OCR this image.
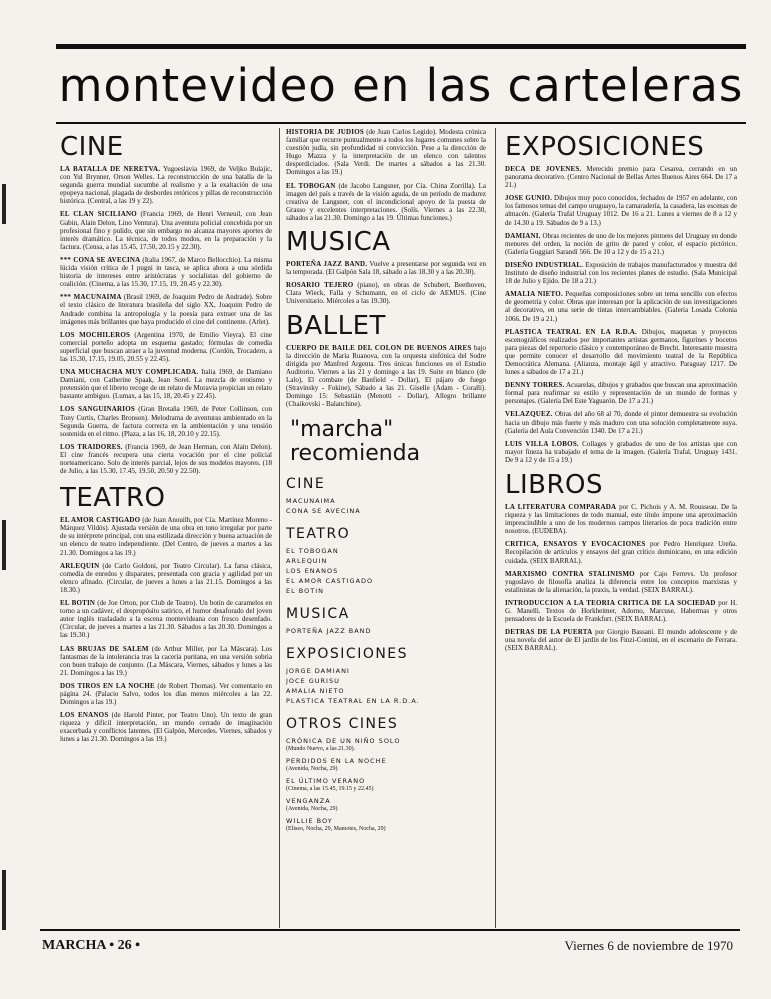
montevideo en las carteleras
CINE

LA BATALLA DE NERETVA. Yugoeslavia 1969, de Veljko Bulajic, con Yul Brynner, Orson Welles. La reconstrucción de una batalla de la segunda guerra mundial sucumbe al realismo y a la exaltación de una epopeya nacional, plagada de desbordes retóricos y pillas de reconstrucción histórica. (Central, a las 19 y 22).

EL CLAN SICILIANO (Francia 1969, de Henri Verneuil, con Jean Gabin, Alain Delon, Lino Ventura). Una aventura policial concebida por un profesional fino y pulido, que sin embargo no alcanza mayores aportes de interés dramático. La técnica, de todos modos, en la preparación y la factura. (Censa, a las 15.45, 17.50, 20.15 y 22.30).

*** CONA SE AVECINA (Italia 1967, de Marco Bellocchio). La misma lúcida visión crítica de I pugni in tasca, se aplica ahora a una sórdida historia de intereses entre aristócratas y socialistas del gobierno de coalición. (Cinema, a las 15.30, 17.15, 19, 20.45 y 22.30).

*** MACUNAIMA (Brasil 1969, de Joaquim Pedro de Andrade). Sobre el texto clásico de literatura brasileña del siglo XX, Joaquim Pedro de Andrade combina la antropología y la poesía para extraer una de las imágenes más brillantes que haya producido el cine del continente. (Arlet).

LOS MOCHILEROS (Argentina 1970, de Emilio Vieyra). El cine comercial porteño adopta un esquema gastado; fórmulas de comedia superficial que buscan atraer a la juventud moderna. (Cordón, Trocadero, a las 15.30, 17.15, 19.05, 20.55 y 22.45).

UNA MUCHACHA MUY COMPLICADA. Italia 1969, de Damiano Damiani, con Catherine Spaak, Jean Sorel. La mezcla de erotismo y pretensión que el libreto recoge de un relato de Moravia propician un relato bastante ambiguo. (Lumax, a las 15, 18, 20.45 y 22.45).

LOS SANGUINARIOS (Gran Bretaña 1969, de Peter Collinson, con Tony Curtis, Charles Bronson). Melodrama de aventuras ambientado en la Segunda Guerra, de factura correcta en la ambientación y una tensión sostenida en el ritmo. (Plaza, a las 16, 18, 20.10 y 22.15).

LOS TRAIDORES. (Francia 1969, de Jean Herman, con Alain Delon). El cine francés recupera una cierta vocación por el cine policial norteamericano. Solo de interés parcial, lejos de sus modelos mayores. (18 de Julio, a las 15.30, 17.45, 19.50, 20.50 y 22.50).

TEATRO

EL AMOR CASTIGADO (de Juan Anouilh, por Cía. Martínez Moreno - Márquez Vildós). Ajustada versión de una obra en tono irregular por parte de su intérprete principal, con una estilizada dirección y buena actuación de un elenco de teatro independiente. (Del Centro, de jueves a martes a las 21.30. Domingos a las 19.)

ARLEQUIN (de Carlo Goldoni, por Teatro Circular). La farsa clásica, comedia de enredos y disparates, presentada con gracia y agilidad por un elenco afinado. (Circular, de jueves a lunes a las 21.15. Domingos a las 18.30.)

EL BOTIN (de Joe Orton, por Club de Teatro). Un botín de caramelos en torno a un cadáver, el despropósito satírico, el humor desaforado del joven autor inglés trasladado a la escena montevideana con fresco desenfado. (Circular, de jueves a martes a las 21.30. Sábados a las 20.30. Domingos a las 19.30.)

LAS BRUJAS DE SALEM (de Arthur Miller, por La Máscara). Los fantasmas de la intolerancia tras la cacería puritana, en una versión sobria con buen trabajo de conjunto. (La Máscara, Viernes, sábados y lunes a las 21. Domingos a las 19.)

DOS TIROS EN LA NOCHE (de Robert Thomas). Ver comentario en página 24. (Palacio Salvo, todos los días menos miércoles a las 22. Domingos a las 19.)

LOS ENANOS (de Harold Pinter, por Teatro Uno). Un texto de gran riqueza y difícil interpretación, un mundo cerrado de imaginación exacerbada y conflictos latentes. (El Galpón, Mercedes. Viernes, sábados y lunes a las 21.30. Domingos a las 19.)

HISTORIA DE JUDIOS (de Juan Carlos Legido). Modesta crónica familiar que recurre puntualmente a todos los lugares comunes sobre la cuestión judía, sin profundidad ni convicción. Pese a la dirección de Hugo Mazza y la interpretación de un elenco con talentos desperdiciados. (Sala Verdi. De martes a sábados a las 21.30. Domingos a las 19.)

EL TOBOGAN (de Jacobo Langsner, por Cía. China Zorrilla). La imagen del país a través de la visión aguda, de un período de madurez creativa de Langsner, con el incondicional apoyo de la puesta de Grasso y excelentes interpretaciones. (Solís. Viernes a las 22.30, sábados a las 21.30. Domingo a las 19. Últimas funciones.)

MUSICA

PORTEÑA JAZZ BAND. Vuelve a presentarse por segunda vez en la temporada. (El Galpón Sala 18, sábado a las 18.30 y a las 20.30).

ROSARIO TEJERO (piano), en obras de Schubert, Beethoven, Clara Wieck, Falla y Schumann, en el ciclo de AEMUS. (Cine Universitario. Miércoles a las 19.30).

BALLET

CUERPO DE BAILE DEL COLON DE BUENOS AIRES bajo la dirección de María Ruanova, con la orquesta sinfónica del Sodre dirigida por Manfred Argenta. Tres únicas funciones en el Estudio Auditorio. Viernes a las 21 y domingo a las 19. Suite en blanco (de Lalo), El combate (de Banfield - Dollar), El pájaro de fuego (Stravinsky - Fokine), Sábado a las 21. Giselle (Adam - Coralli). Domingo 15: Sebastián (Menotti - Dollar), Allegro brillante (Chaikovski - Balanchine).

"marcha"
recomienda
CINE
MACUNAIMA
CONA SE AVECINA
TEATRO
EL TOBOGAN
ARLEQUIN
LOS ENANOS
EL AMOR CASTIGADO
EL BOTIN
MUSICA
PORTEÑA JAZZ BAND
EXPOSICIONES
JORGE DAMIANI
JOCE GURISU
AMALIA NIETO
PLASTICA TEATRAL EN LA R.D.A.
OTROS CINES
CRÓNICA DE UN NIÑO SOLO
(Mundo Nuevo, a las 21.30).
PERDIDOS EN LA NOCHE
(Avenida, Nocha, 29)
EL ÚLTIMO VERANO
(Cinema, a las 15.45, 19.15 y 22.45)
VENGANZA
(Avenida, Nocha, 29)
WILLIE BOY
(Eliseo, Nocha, 29, Mamotes, Nocha, 29)
EXPOSICIONES

DECA DE JOVENES. Merecido premio para Cesarea, cerrando en un panorama decorativo. (Centro Nacional de Bellas Artes Buenos Aires 664. De 17 a 21.)

JOSE GUNIO. Dibujos muy poco conocidos, fechados de 1957 en adelante, con los famosos temas del campo uruguayo, la camaradería, la casadera, las escenas de almacén. (Galería Trafal Uruguay 1012. De 16 a 21. Lunes a viernes de 8 a 12 y de 14.30 a 19. Sábados de 9 a 13.)

DAMIANI. Obras recientes de uno de los mejores pintores del Uruguay en donde menores del orden, la noción de grito de pared y color, el espacio pictórico. (Galería Guggiari Sarandí 566. De 10 a 12 y de 15 a 21.)

DISEÑO INDUSTRIAL. Exposición de trabajos manufacturados y muestra del Instituto de diseño industrial con los recientes planes de estudio. (Sala Municipal 18 de Julio y Ejido. De 18 a 21.)

AMALIA NIETO. Pequeñas composiciones sobre un tema sencillo con efectos de geometría y color. Obras que interesan por la aplicación de sus investigaciones al decorativo, en una serie de tintas intercambiables. (Galería Losada Colonia 1066. De 19 a 21.)

PLASTICA TEATRAL EN LA R.D.A. Dibujos, maquetas y proyectos escenográficos realizados por importantes artistas germanos, figurines y bocetos para piezas del repertorio clásico y contemporáneo de Brecht. Interesante muestra que permite conocer el desarrollo del movimiento teatral de la República Democrática Alemana. (Alianza, montaje ágil y atractivo. Paraguay 1217. De lunes a sábados de 17 a 21.)

DENNY TORRES. Acuarelas, dibujos y grabados que buscan una aproximación formal para reafirmar su estilo y representación de un mundo de formas y personajes. (Galería Del Este Yaguarón. De 17 a 21.)

VELAZQUEZ. Obras del año 68 al 70, donde el pintor demuestra su evolución hacia un dibujo más fuerte y más maduro con una solución completamente suya. (Galería del Aula Convención 1340. De 17 a 21.)

LUIS VILLA LOBOS. Collages y grabados de uno de los artistas que con mayor fineza ha trabajado el tema de la imagen. (Galería Trafal, Uruguay 1431. De 9 a 12 y de 15 a 19.)

LIBROS

LA LITERATURA COMPARADA por C. Pichois y A. M. Rousseau. De la riqueza y las limitaciones de todo manual, este título impone una aproximación imprescindible a uno de los modernos campos literarios de poca tradición entre nosotros. (EUDEBA).

CRITICA, ENSAYOS Y EVOCACIONES por Pedro Henríquez Ureña. Recopilación de artículos y ensayos del gran crítico dominicano, en una edición cuidada. (SEIX BARRAL).

MARXISMO CONTRA STALINISMO por Cajo Ferrevs. Un profesor yugoslavo de filosofía analiza la diferencia entre los conceptos marxistas y estalinistas de la alienación, la praxis, la verdad. (SEIX BARRAL).

INTRODUCCION A LA TEORIA CRITICA DE LA SOCIEDAD por H. G. Manelli. Textos de Horkheimer, Adorno, Marcuse, Habermas y otros pensadores de la Escuela de Frankfurt. (SEIX BARRAL).

DETRAS DE LA PUERTA por Giorgio Bassani. El mundo adolescente y de una novela del autor de El jardín de los Finzi-Contini, en el escenario de Ferrara. (SEIX BARRAL).

MARCHA • 26 •	Viernes 6 de noviembre de 1970
